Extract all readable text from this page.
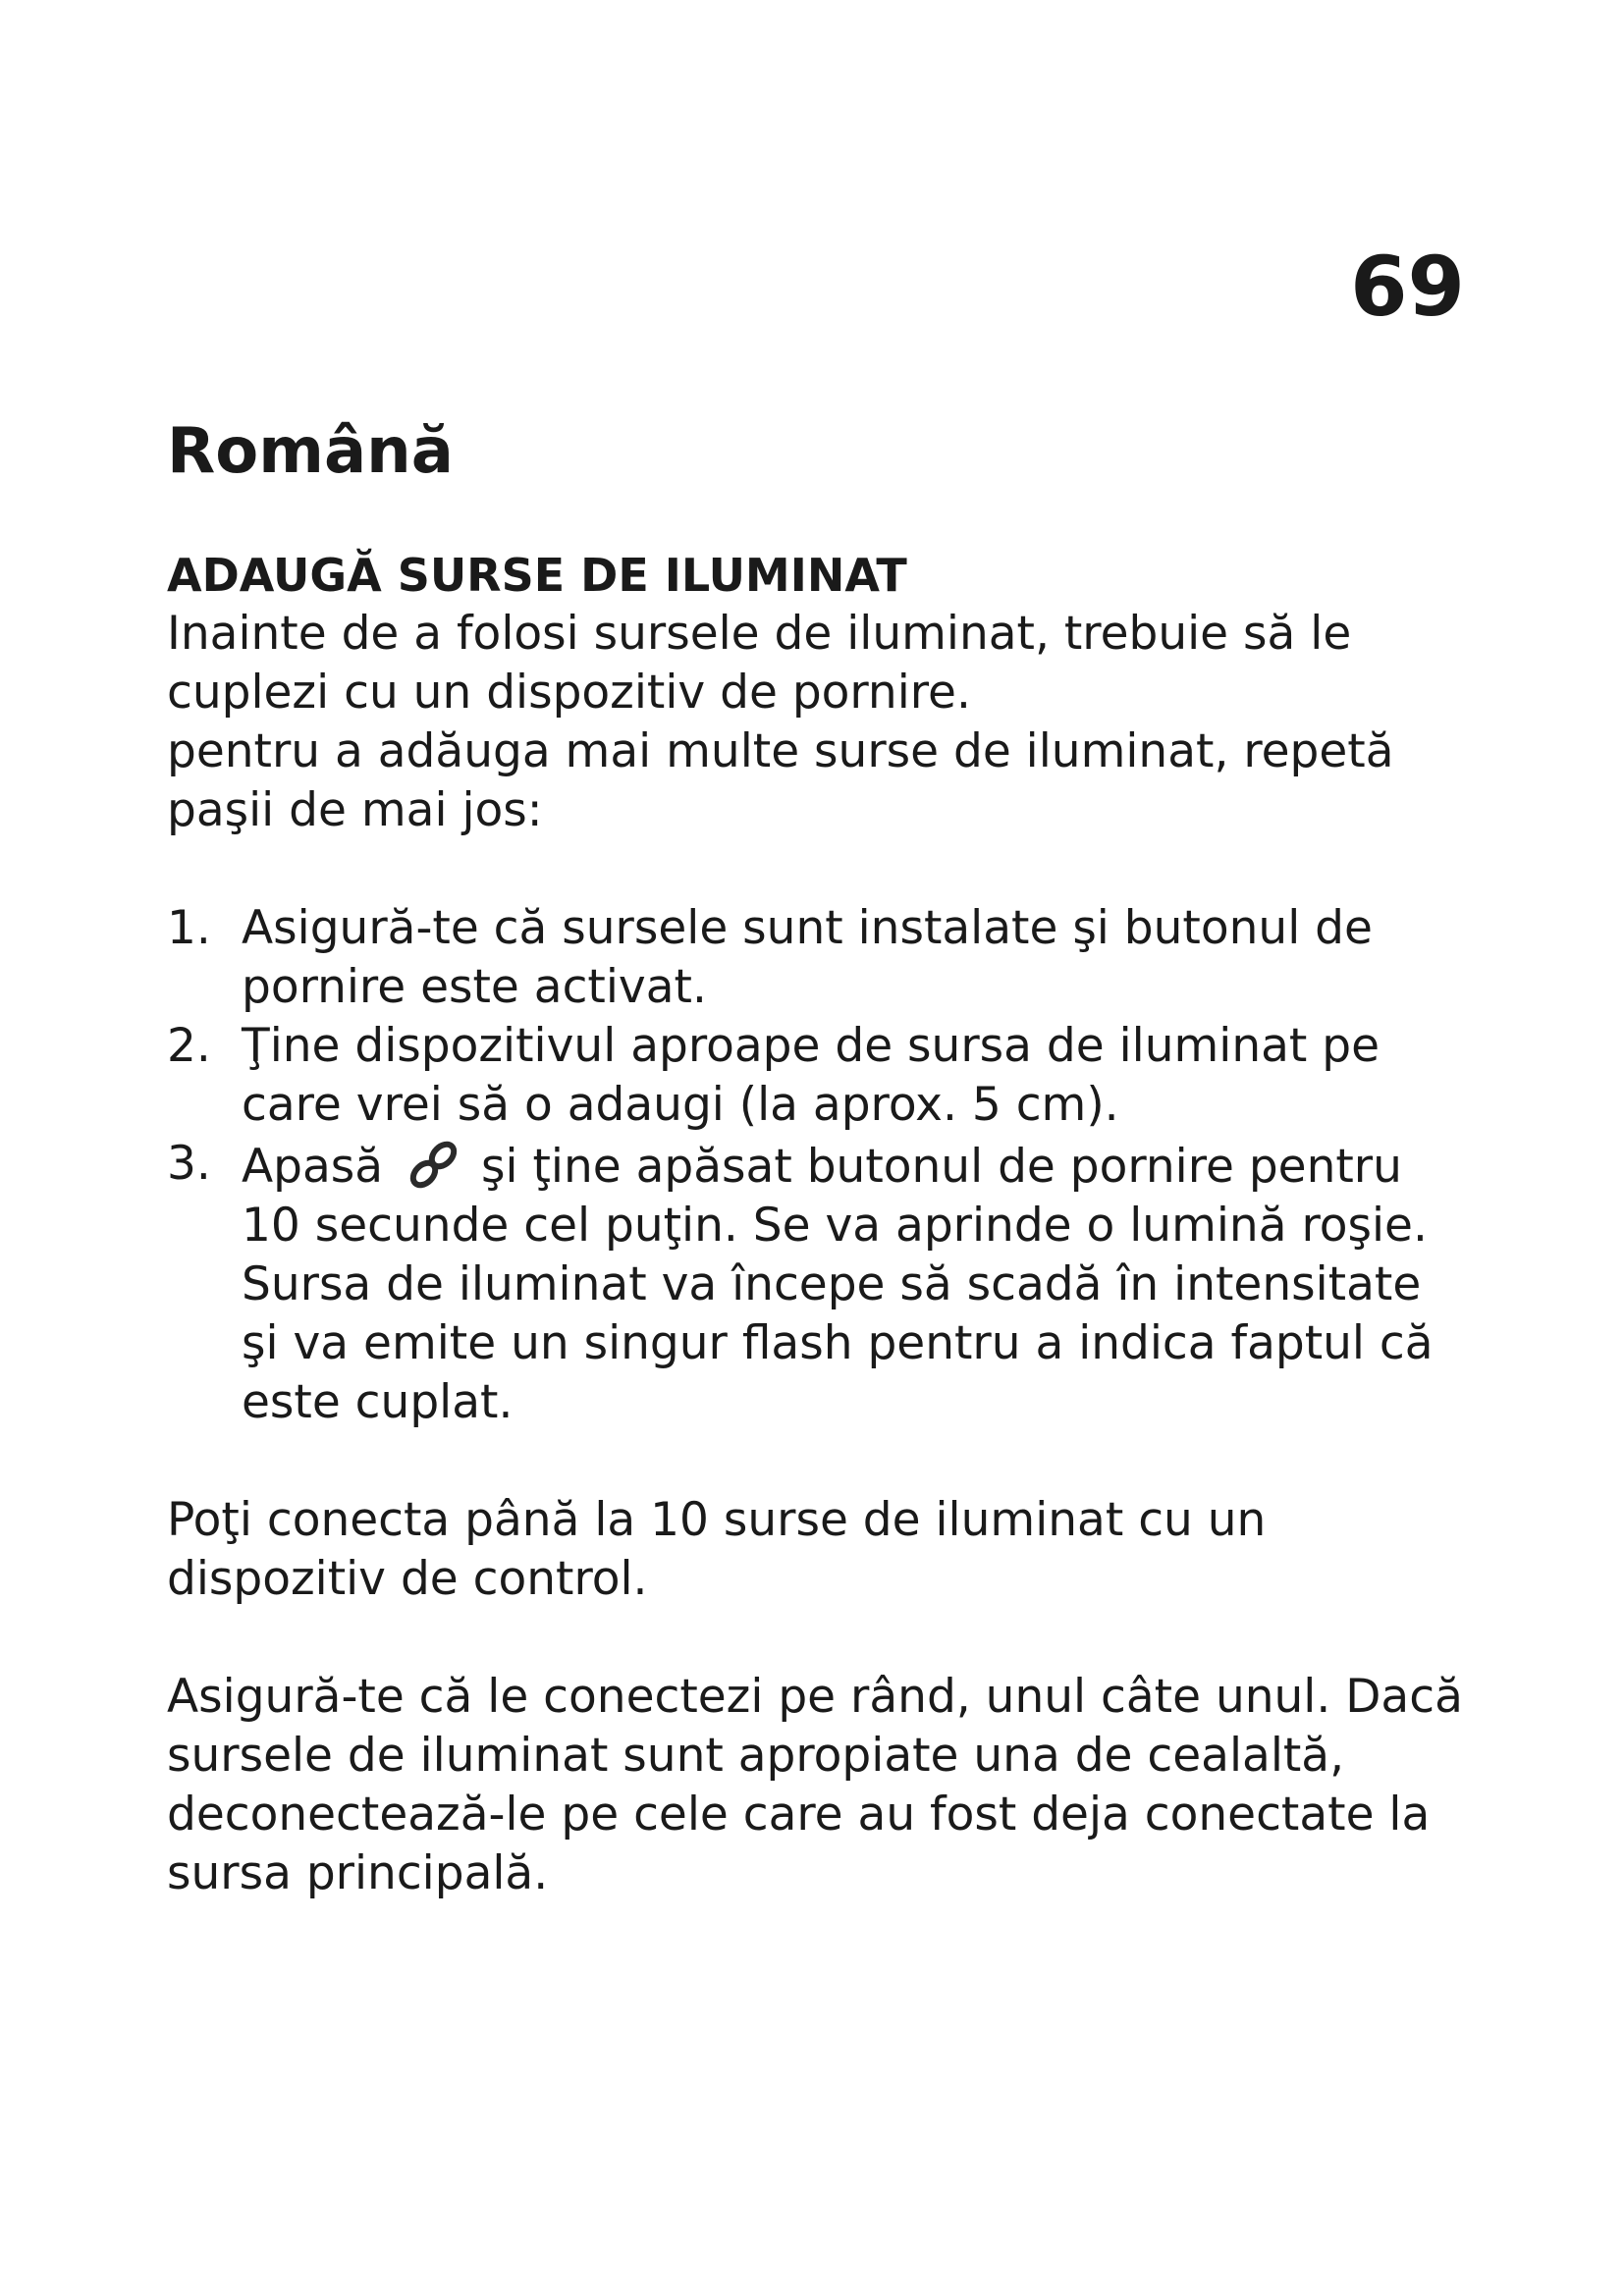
69
Română

ADAUGĂ SURSE DE ILUMINAT

Inainte de a folosi sursele de iluminat, trebuie să le
cuplezi cu un dispozitiv de pornire.
pentru a adăuga mai multe surse de iluminat, repetă
paşii de mai jos:
1. Asigură-te că sursele sunt instalate şi butonul de
pornire este activat.
2. Ţine dispozitivul aproape de sursa de iluminat pe
care vrei să o adaugi (la aprox. 5 cm).
3. Apasă şi ţine apăsat butonul de pornire pentru
10 secunde cel puţin. Se va aprinde o lumină roşie.
Sursa de iluminat va începe să scadă în intensitate
şi va emite un singur flash pentru a indica faptul că
este cuplat.
Poţi conecta până la 10 surse de iluminat cu un
dispozitiv de control.
Asigură-te că le conectezi pe rând, unul câte unul. Dacă
sursele de iluminat sunt apropiate una de cealaltă,
deconectează-le pe cele care au fost deja conectate la
sursa principală.
